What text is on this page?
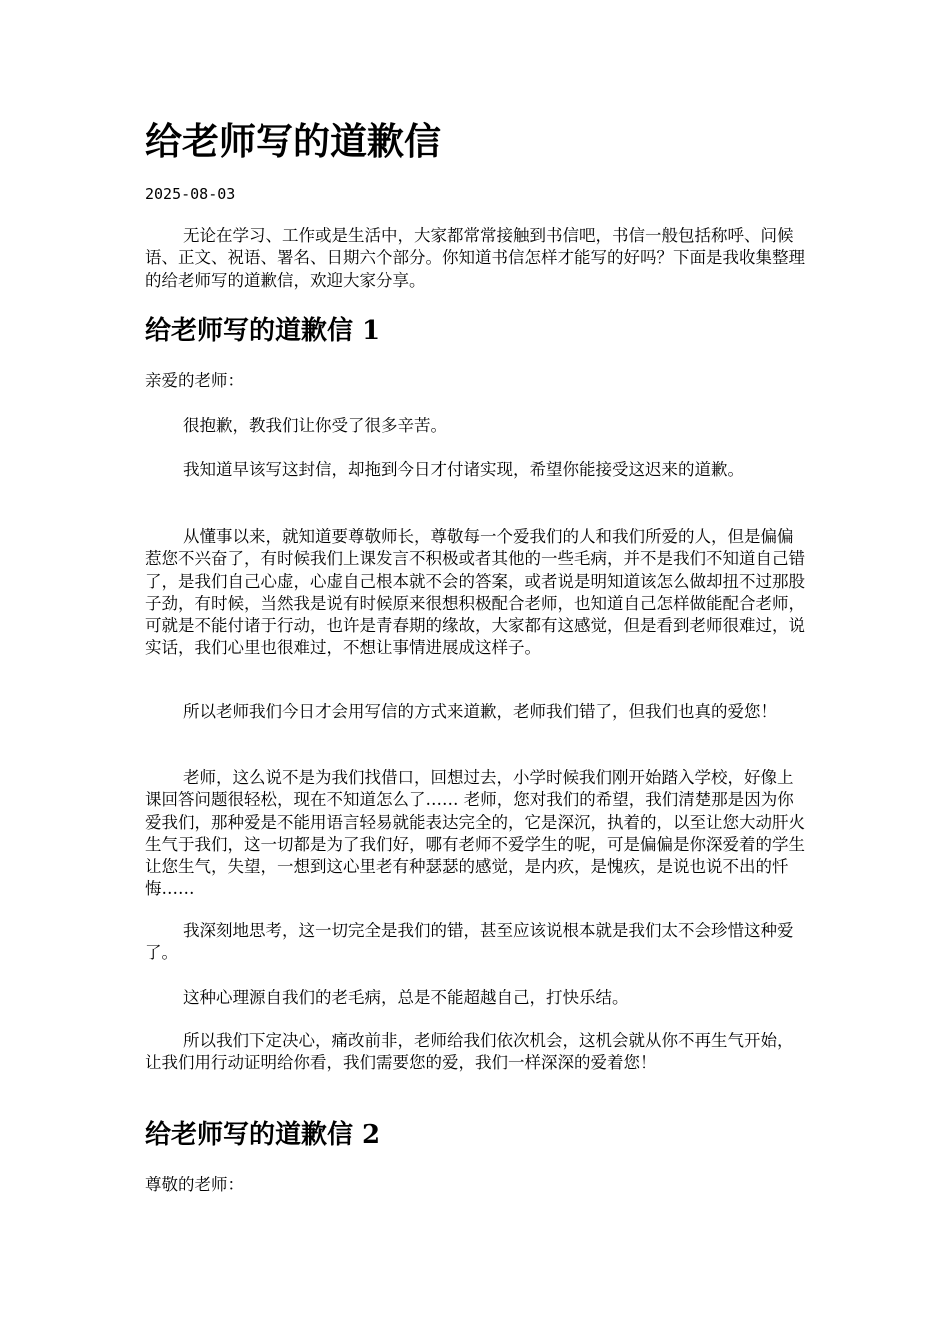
给老师写的道歉信
2025-08-03

无论在学习、工作或是生活中，大家都常常接触到书信吧，书信一般包括称呼、问候语、正文、祝语、署名、日期六个部分。你知道书信怎样才能写的好吗？下面是我收集整理的给老师写的道歉信，欢迎大家分享。

给老师写的道歉信 1

亲爱的老师：

很抱歉，教我们让你受了很多辛苦。

我知道早该写这封信，却拖到今日才付诸实现，希望你能接受这迟来的道歉。

从懂事以来，就知道要尊敬师长，尊敬每一个爱我们的人和我们所爱的人，但是偏偏惹您不兴奋了，有时候我们上课发言不积极或者其他的一些毛病，并不是我们不知道自己错了，是我们自己心虚，心虚自己根本就不会的答案，或者说是明知道该怎么做却扭不过那股子劲，有时候，当然我是说有时候原来很想积极配合老师，也知道自己怎样做能配合老师，可就是不能付诸于行动，也许是青春期的缘故，大家都有这感觉，但是看到老师很难过，说实话，我们心里也很难过，不想让事情进展成这样子。

所以老师我们今日才会用写信的方式来道歉，老师我们错了，但我们也真的爱您！

老师，这么说不是为我们找借口，回想过去，小学时候我们刚开始踏入学校，好像上课回答问题很轻松，现在不知道怎么了…… 老师，您对我们的希望，我们清楚那是因为你爱我们，那种爱是不能用语言轻易就能表达完全的，它是深沉，执着的，以至让您大动肝火生气于我们，这一切都是为了我们好，哪有老师不爱学生的呢，可是偏偏是你深爱着的学生让您生气，失望，一想到这心里老有种瑟瑟的感觉，是内疚，是愧疚，是说也说不出的忏悔……

我深刻地思考，这一切完全是我们的错，甚至应该说根本就是我们太不会珍惜这种爱了。

这种心理源自我们的老毛病，总是不能超越自己，打快乐结。

所以我们下定决心，痛改前非，老师给我们依次机会，这机会就从你不再生气开始，让我们用行动证明给你看，我们需要您的爱，我们一样深深的爱着您！

给老师写的道歉信 2

尊敬的老师：
